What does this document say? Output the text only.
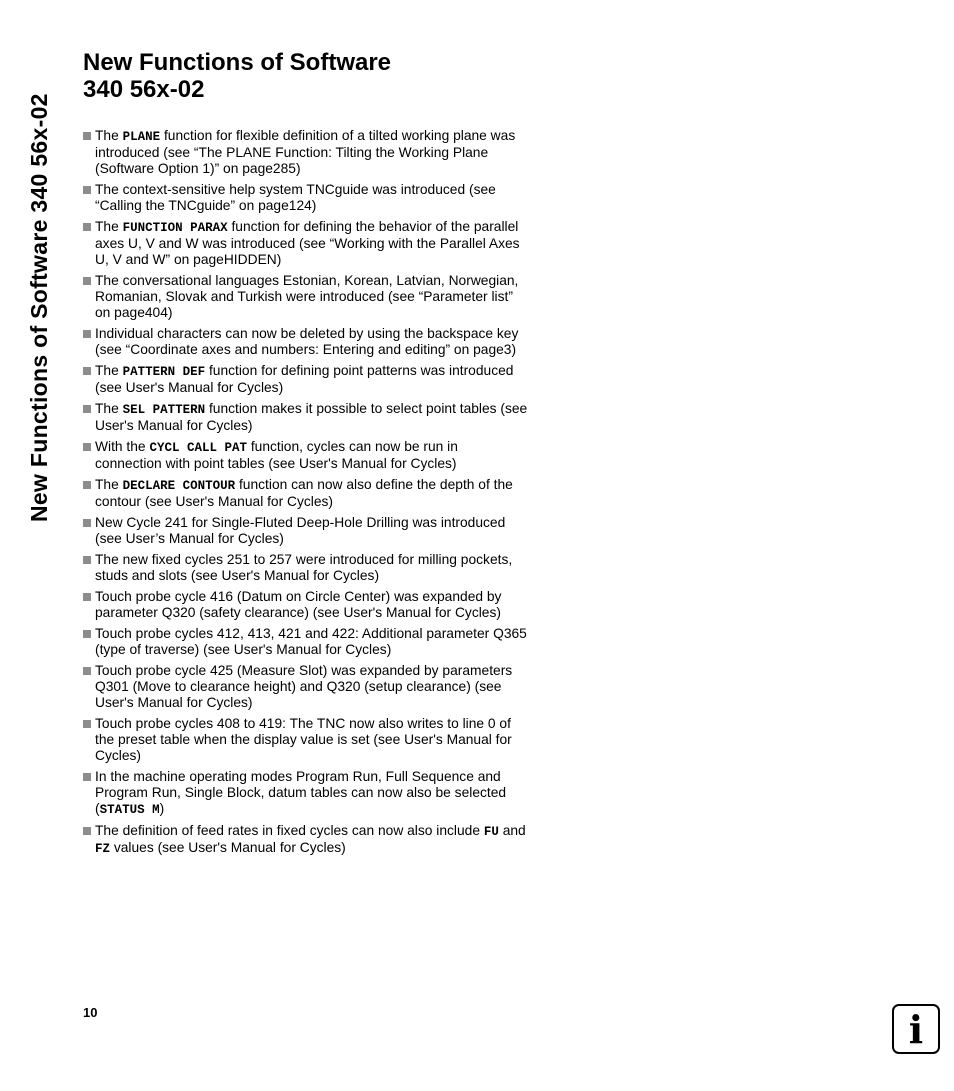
New Functions of Software 340 56x-02
New Functions of Software
340 56x-02
The PLANE function for flexible definition of a tilted working plane was introduced (see “The PLANE Function: Tilting the Working Plane (Software Option 1)” on page285)
The context-sensitive help system TNCguide was introduced (see “Calling the TNCguide” on page124)
The FUNCTION PARAX function for defining the behavior of the parallel axes U, V and W was introduced (see “Working with the Parallel Axes U, V and W” on pageHIDDEN)
The conversational languages Estonian, Korean, Latvian, Norwegian, Romanian, Slovak and Turkish were introduced (see “Parameter list” on page404)
Individual characters can now be deleted by using the backspace key (see “Coordinate axes and numbers: Entering and editing” on page3)
The PATTERN DEF function for defining point patterns was introduced (see User's Manual for Cycles)
The SEL PATTERN function makes it possible to select point tables (see User's Manual for Cycles)
With the CYCL CALL PAT function, cycles can now be run in connection with point tables (see User's Manual for Cycles)
The DECLARE CONTOUR function can now also define the depth of the contour (see User's Manual for Cycles)
New Cycle 241 for Single-Fluted Deep-Hole Drilling was introduced (see User’s Manual for Cycles)
The new fixed cycles 251 to 257 were introduced for milling pockets, studs and slots (see User's Manual for Cycles)
Touch probe cycle 416 (Datum on Circle Center) was expanded by parameter Q320 (safety clearance) (see User's Manual for Cycles)
Touch probe cycles 412, 413, 421 and 422: Additional parameter Q365 (type of traverse) (see User's Manual for Cycles)
Touch probe cycle 425 (Measure Slot) was expanded by parameters Q301 (Move to clearance height) and Q320 (setup clearance) (see User's Manual for Cycles)
Touch probe cycles 408 to 419: The TNC now also writes to line 0 of the preset table when the display value is set (see User's Manual for Cycles)
In the machine operating modes Program Run, Full Sequence and Program Run, Single Block, datum tables can now also be selected (STATUS M)
The definition of feed rates in fixed cycles can now also include FU and FZ values (see User's Manual for Cycles)
10	i
